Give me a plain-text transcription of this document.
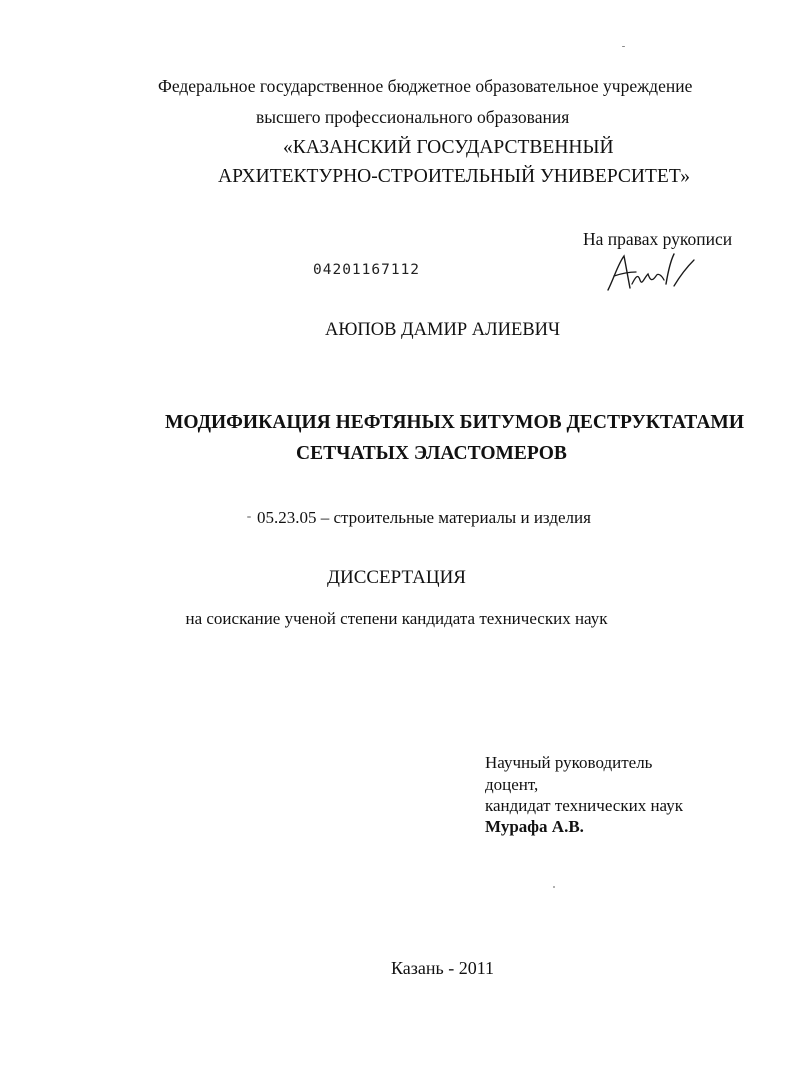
Федеральное государственное бюджетное образовательное учреждение
высшего профессионального образования
«КАЗАНСКИЙ ГОСУДАРСТВЕННЫЙ
АРХИТЕКТУРНО-СТРОИТЕЛЬНЫЙ УНИВЕРСИТЕТ»
На правах рукописи
04201167112
АЮПОВ ДАМИР АЛИЕВИЧ
МОДИФИКАЦИЯ НЕФТЯНЫХ БИТУМОВ ДЕСТРУКТАТАМИ
СЕТЧАТЫХ ЭЛАСТОМЕРОВ
05.23.05 – строительные материалы и изделия
ДИССЕРТАЦИЯ
на соискание ученой степени кандидата технических наук
Научный руководитель
доцент,
кандидат технических наук
Мурафа А.В.
Казань - 2011
